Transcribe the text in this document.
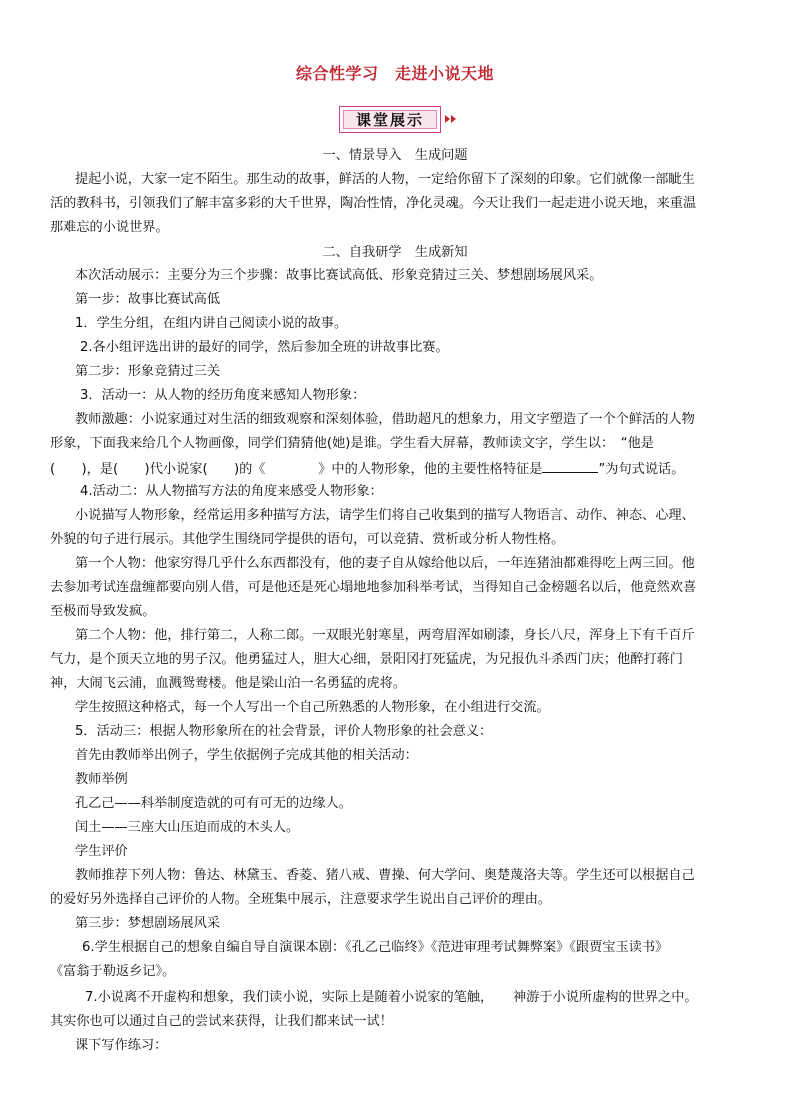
综合性学习　走进小说天地
课堂展示
一、情景导入　生成问题
提起小说，大家一定不陌生。那生动的故事，鲜活的人物，一定给你留下了深刻的印象。它们就像一部眦生
活的教科书，引领我们了解丰富多彩的大千世界，陶冶性情，净化灵魂。今天让我们一起走进小说天地，来重温
那难忘的小说世界。
二、自我研学　生成新知
本次活动展示：主要分为三个步骤：故事比赛试高低、形象竞猜过三关、梦想剧场展风采。
第一步：故事比赛试高低
1．学生分组，在组内讲自己阅读小说的故事。
2.各小组评选出讲的最好的同学，然后参加全班的讲故事比赛。
第二步：形象竞猜过三关
3．活动一：从人物的经历角度来感知人物形象：
教师激趣：小说家通过对生活的细致观察和深刻体验，借助超凡的想象力，用文字塑造了一个个鲜活的人物
形象，下面我来给几个人物画像，同学们猜猜他(她)是谁。学生看大屏幕，教师读文字，学生以：　“他是
(　　)，是(　　)代小说家(　　)的《　　　　》中的人物形象，他的主要性格特征是	”为句式说话。
4.活动二：从人物描写方法的角度来感受人物形象：
小说描写人物形象，经常运用多种描写方法，请学生们将自己收集到的描写人物语言、动作、神态、心理、
外貌的句子进行展示。其他学生围绕同学提供的语句，可以竞猜、赏析或分析人物性格。
第一个人物：他家穷得几乎什么东西都没有，他的妻子自从嫁给他以后，一年连猪油都难得吃上两三回。他
去参加考试连盘缠都要向别人借，可是他还是死心塌地地参加科举考试，当得知自己金榜题名以后，他竟然欢喜
至极而导致发疯。
第二个人物：他，排行第二，人称二郎。一双眼光射寒星，两弯眉浑如刷漆，身长八尺，浑身上下有千百斤
气力，是个顶天立地的男子汉。他勇猛过人，胆大心细，景阳冈打死猛虎，为兄报仇斗杀西门庆；他醉打蒋门
神，大闹飞云浦，血溅鸳鸯楼。他是梁山泊一名勇猛的虎将。
学生按照这种格式，每一个人写出一个自己所熟悉的人物形象，在小组进行交流。
5．活动三：根据人物形象所在的社会背景，评价人物形象的社会意义：
首先由教师举出例子，学生依据例子完成其他的相关活动：
教师举例
孔乙己——科举制度造就的可有可无的边缘人。
闰土——三座大山压迫而成的木头人。
学生评价
教师推荐下列人物：鲁达、林黛玉、香菱、猪八戒、曹操、何大学问、奥楚蔑洛夫等。学生还可以根据自己
的爱好另外选择自己评价的人物。全班集中展示，注意要求学生说出自己评价的理由。
第三步：梦想剧场展风采
6.学生根据自己的想象自编自导自演课本剧：《孔乙己临终》《范进审理考试舞弊案》《跟贾宝玉读书》
《富翁于勒返乡记》。
7.小说离不开虚构和想象，我们读小说，实际上是随着小说家的笔触，　　神游于小说所虚构的世界之中。
其实你也可以通过自己的尝试来获得，让我们都来试一试！
课下写作练习：
